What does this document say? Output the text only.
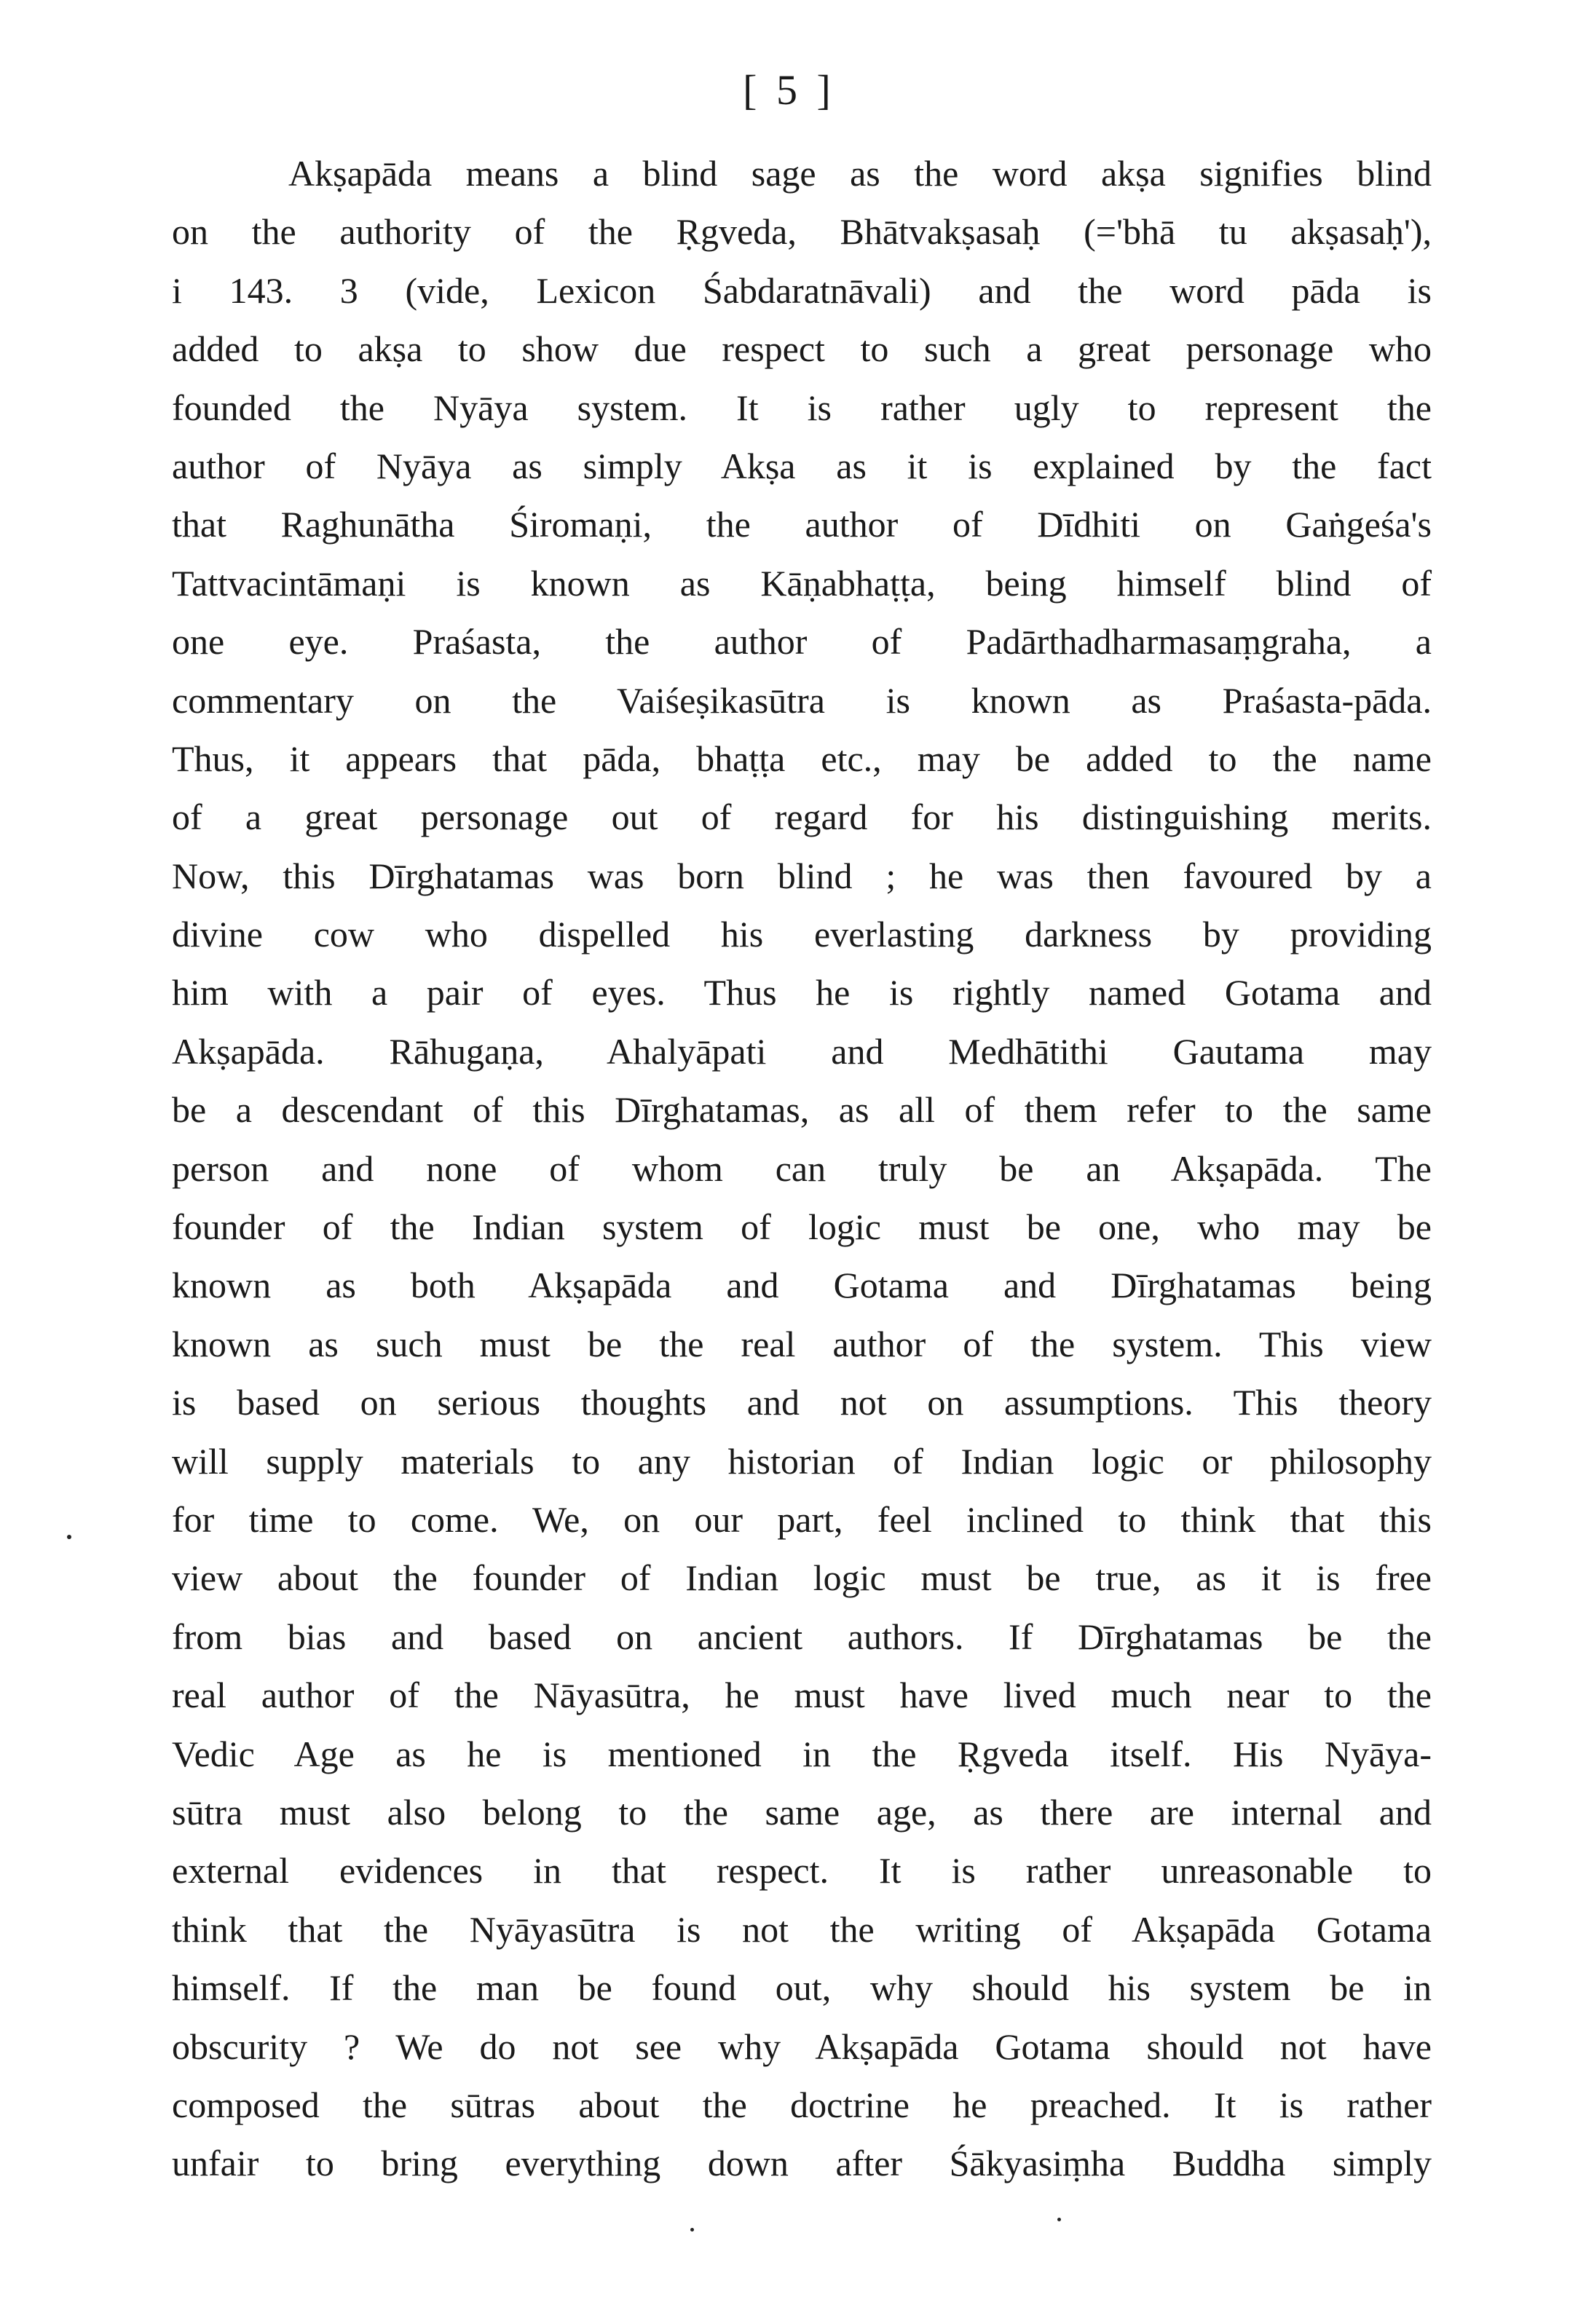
[ 5 ]
Akṣapāda means a blind sage as the word akṣa signifies blind
on the authority of the Ṛgveda, Bhātvakṣasaḥ (='bhā tu akṣasaḥ'),
i 143. 3 (vide, Lexicon Śabdaratnāvali) and the word pāda is
added to akṣa to show due respect to such a great personage who
founded the Nyāya system. It is rather ugly to represent the
author of Nyāya as simply Akṣa as it is explained by the fact
that Raghunātha Śiromaṇi, the author of Dīdhiti on Gaṅgeśa's
Tattvacintāmaṇi is known as Kāṇabhaṭṭa, being himself blind of
one eye. Praśasta, the author of Padārthadharmasaṃgraha, a
commentary on the Vaiśeṣikasūtra is known as Praśasta-pāda.
Thus, it appears that pāda, bhaṭṭa etc., may be added to the name
of a great personage out of regard for his distinguishing merits.
Now, this Dīrghatamas was born blind ; he was then favoured by a
divine cow who dispelled his everlasting darkness by providing
him with a pair of eyes. Thus he is rightly named Gotama and
Akṣapāda. Rāhugaṇa, Ahalyāpati and Medhātithi Gautama may
be a descendant of this Dīrghatamas, as all of them refer to the same
person and none of whom can truly be an Akṣapāda. The
founder of the Indian system of logic must be one, who may be
known as both Akṣapāda and Gotama and Dīrghatamas being
known as such must be the real author of the system. This view
is based on serious thoughts and not on assumptions. This theory
will supply materials to any historian of Indian logic or philosophy
for time to come. We, on our part, feel inclined to think that this
view about the founder of Indian logic must be true, as it is free
from bias and based on ancient authors. If Dīrghatamas be the
real author of the Nāyasūtra, he must have lived much near to the
Vedic Age as he is mentioned in the Ṛgveda itself. His Nyāya-
sūtra must also belong to the same age, as there are internal and
external evidences in that respect. It is rather unreasonable to
think that the Nyāyasūtra is not the writing of Akṣapāda Gotama
himself. If the man be found out, why should his system be in
obscurity ? We do not see why Akṣapāda Gotama should not have
composed the sūtras about the doctrine he preached. It is rather
unfair to bring everything down after Śākyasiṃha Buddha simply
